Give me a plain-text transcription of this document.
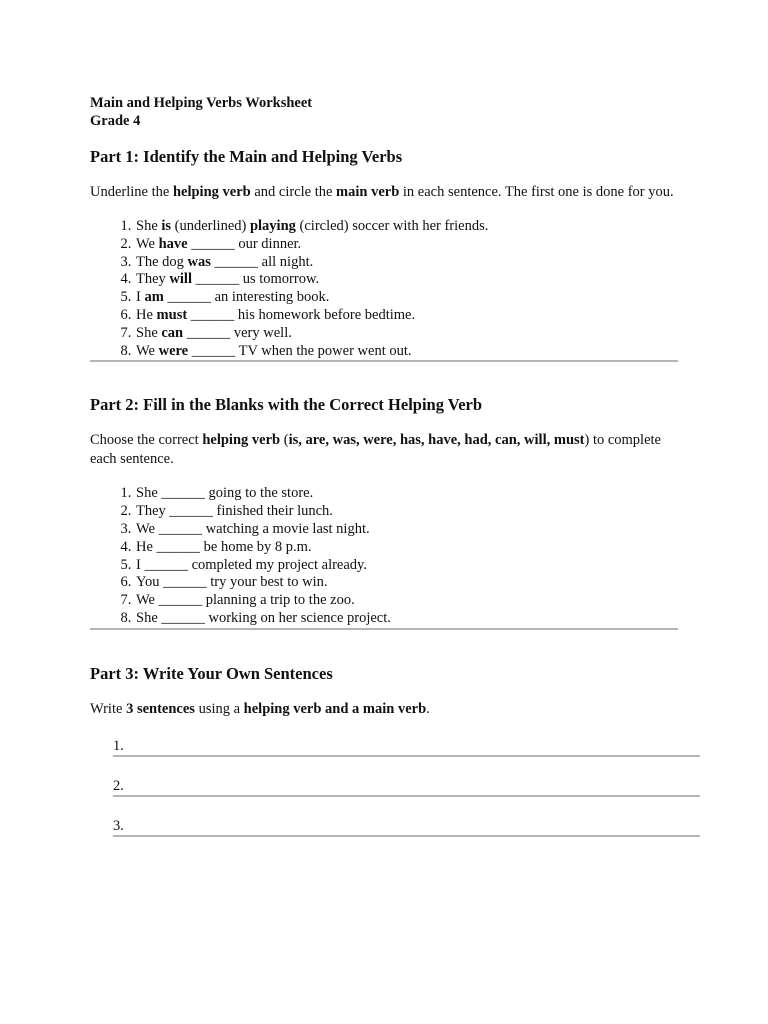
Main and Helping Verbs Worksheet
Grade 4
Part 1: Identify the Main and Helping Verbs
Underline the helping verb and circle the main verb in each sentence. The first one is done for you.
1. She is (underlined) playing (circled) soccer with her friends.
2. We have ______ our dinner.
3. The dog was ______ all night.
4. They will ______ us tomorrow.
5. I am ______ an interesting book.
6. He must ______ his homework before bedtime.
7. She can ______ very well.
8. We were ______ TV when the power went out.
Part 2: Fill in the Blanks with the Correct Helping Verb
Choose the correct helping verb (is, are, was, were, has, have, had, can, will, must) to complete each sentence.
1. She ______ going to the store.
2. They ______ finished their lunch.
3. We ______ watching a movie last night.
4. He ______ be home by 8 p.m.
5. I ______ completed my project already.
6. You ______ try your best to win.
7. We ______ planning a trip to the zoo.
8. She ______ working on her science project.
Part 3: Write Your Own Sentences
Write 3 sentences using a helping verb and a main verb.
1.
2.
3.
